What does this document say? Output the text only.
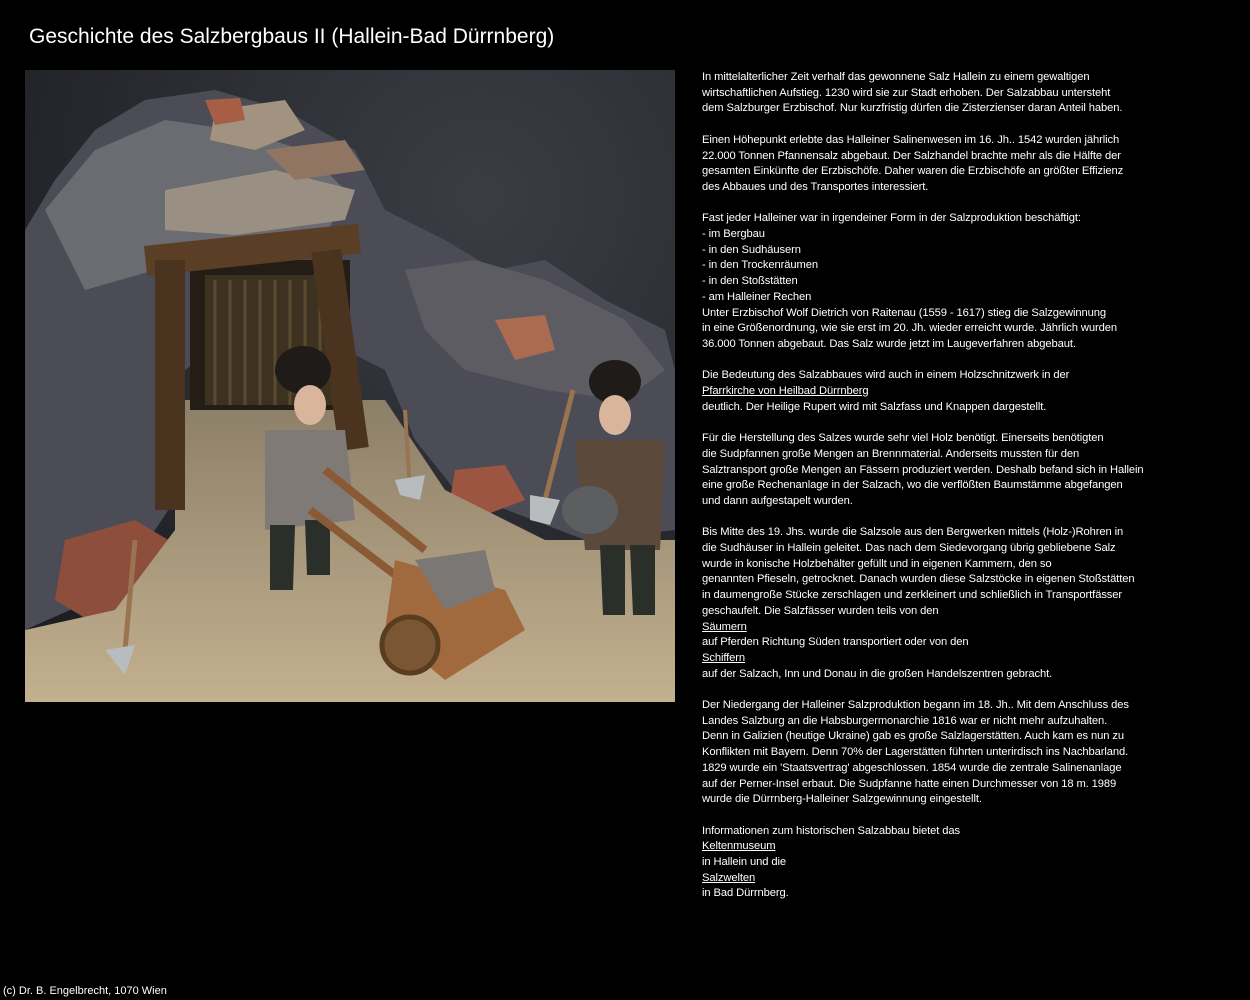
Geschichte des Salzbergbaus II (Hallein-Bad Dürrnberg)

In mittelalterlicher Zeit verhalf das gewonnene Salz Hallein zu einem gewaltigen
wirtschaftlichen Aufstieg. 1230 wird sie zur Stadt erhoben. Der Salzabbau untersteht
dem Salzburger Erzbischof. Nur kurzfristig dürfen die Zisterzienser daran Anteil haben.

Einen Höhepunkt erlebte das Halleiner Salinenwesen im 16. Jh.. 1542 wurden jährlich
22.000 Tonnen Pfannensalz abgebaut. Der Salzhandel brachte mehr als die Hälfte der
gesamten Einkünfte der Erzbischöfe. Daher waren die Erzbischöfe an größter Effizienz
des Abbaues und des Transportes interessiert.

Fast jeder Halleiner war in irgendeiner Form in der Salzproduktion beschäftigt:
- im Bergbau
- in den Sudhäusern
- in den Trockenräumen
- in den Stoßstätten
- am Halleiner Rechen
Unter Erzbischof Wolf Dietrich von Raitenau (1559 - 1617) stieg die Salzgewinnung
in eine Größenordnung, wie sie erst im 20. Jh. wieder erreicht wurde. Jährlich wurden
36.000 Tonnen abgebaut. Das Salz wurde jetzt im Laugeverfahren abgebaut.

Die Bedeutung des Salzabbaues wird auch in einem Holzschnitzwerk in der
Pfarrkirche von Heilbad Dürrnberg
deutlich. Der Heilige Rupert wird mit Salzfass und Knappen dargestellt.

Für die Herstellung des Salzes wurde sehr viel Holz benötigt. Einerseits benötigten
die Sudpfannen große Mengen an Brennmaterial. Anderseits mussten für den
Salztransport große Mengen an Fässern produziert werden. Deshalb befand sich in Hallein
eine große Rechenanlage in der Salzach, wo die verflößten Baumstämme abgefangen
und dann aufgestapelt wurden.

Bis Mitte des 19. Jhs. wurde die Salzsole aus den Bergwerken mittels (Holz-)Rohren in
die Sudhäuser in Hallein geleitet. Das nach dem Siedevorgang übrig gebliebene Salz
wurde in konische Holzbehälter gefüllt und in eigenen Kammern, den so
genannten Pfieseln, getrocknet. Danach wurden diese Salzstöcke in eigenen Stoßstätten
in daumengroße Stücke zerschlagen und zerkleinert und schließlich in Transportfässer
geschaufelt. Die Salzfässer wurden teils von den
Säumern
auf Pferden Richtung Süden transportiert oder von den
Schiffern
auf der Salzach, Inn und Donau in die großen Handelszentren gebracht.

Der Niedergang der Halleiner Salzproduktion begann im 18. Jh.. Mit dem Anschluss des
Landes Salzburg an die Habsburgermonarchie 1816 war er nicht mehr aufzuhalten.
Denn in Galizien (heutige Ukraine) gab es große Salzlagerstätten. Auch kam es nun zu
Konflikten mit Bayern. Denn 70% der Lagerstätten führten unterirdisch ins Nachbarland.
1829 wurde ein 'Staatsvertrag' abgeschlossen. 1854 wurde die zentrale Salinenanlage
auf der Perner-Insel erbaut. Die Sudpfanne hatte einen Durchmesser von 18 m. 1989
wurde die Dürrnberg-Halleiner Salzgewinnung eingestellt.

Informationen zum historischen Salzabbau bietet das
Keltenmuseum
in Hallein und die
Salzwelten
in Bad Dürrnberg.

(c) Dr. B. Engelbrecht, 1070 Wien
